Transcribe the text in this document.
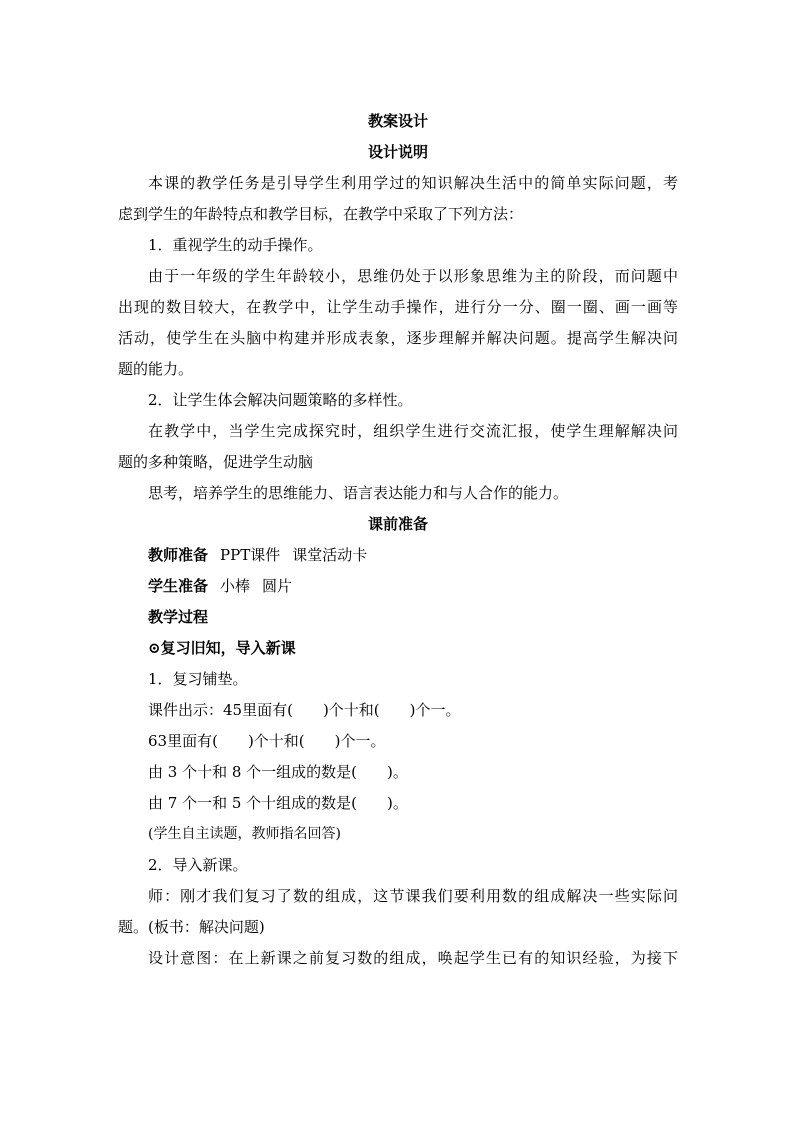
教案设计
设计说明
本课的教学任务是引导学生利用学过的知识解决生活中的简单实际问题，考
虑到学生的年龄特点和教学目标，在教学中采取了下列方法：
1．重视学生的动手操作。
由于一年级的学生年龄较小，思维仍处于以形象思维为主的阶段，而问题中
出现的数目较大，在教学中，让学生动手操作，进行分一分、圈一圈、画一画等
活动，使学生在头脑中构建并形成表象，逐步理解并解决问题。提高学生解决问
题的能力。
2．让学生体会解决问题策略的多样性。
在教学中，当学生完成探究时，组织学生进行交流汇报，使学生理解解决问
题的多种策略，促进学生动脑
思考，培养学生的思维能力、语言表达能力和与人合作的能力。
课前准备
教师准备 PPT课件 课堂活动卡
学生准备 小棒 圆片
教学过程
⊙复习旧知，导入新课
1．复习铺垫。
课件出示：45里面有(　　)个十和(　　)个一。
63里面有(　　)个十和(　　)个一。
由 3 个十和 8 个一组成的数是(　　)。
由 7 个一和 5 个十组成的数是(　　)。
(学生自主读题，教师指名回答)
2．导入新课。
师：刚才我们复习了数的组成，这节课我们要利用数的组成解决一些实际问
题。(板书：解决问题)
设计意图：在上新课之前复习数的组成，唤起学生已有的知识经验，为接下
